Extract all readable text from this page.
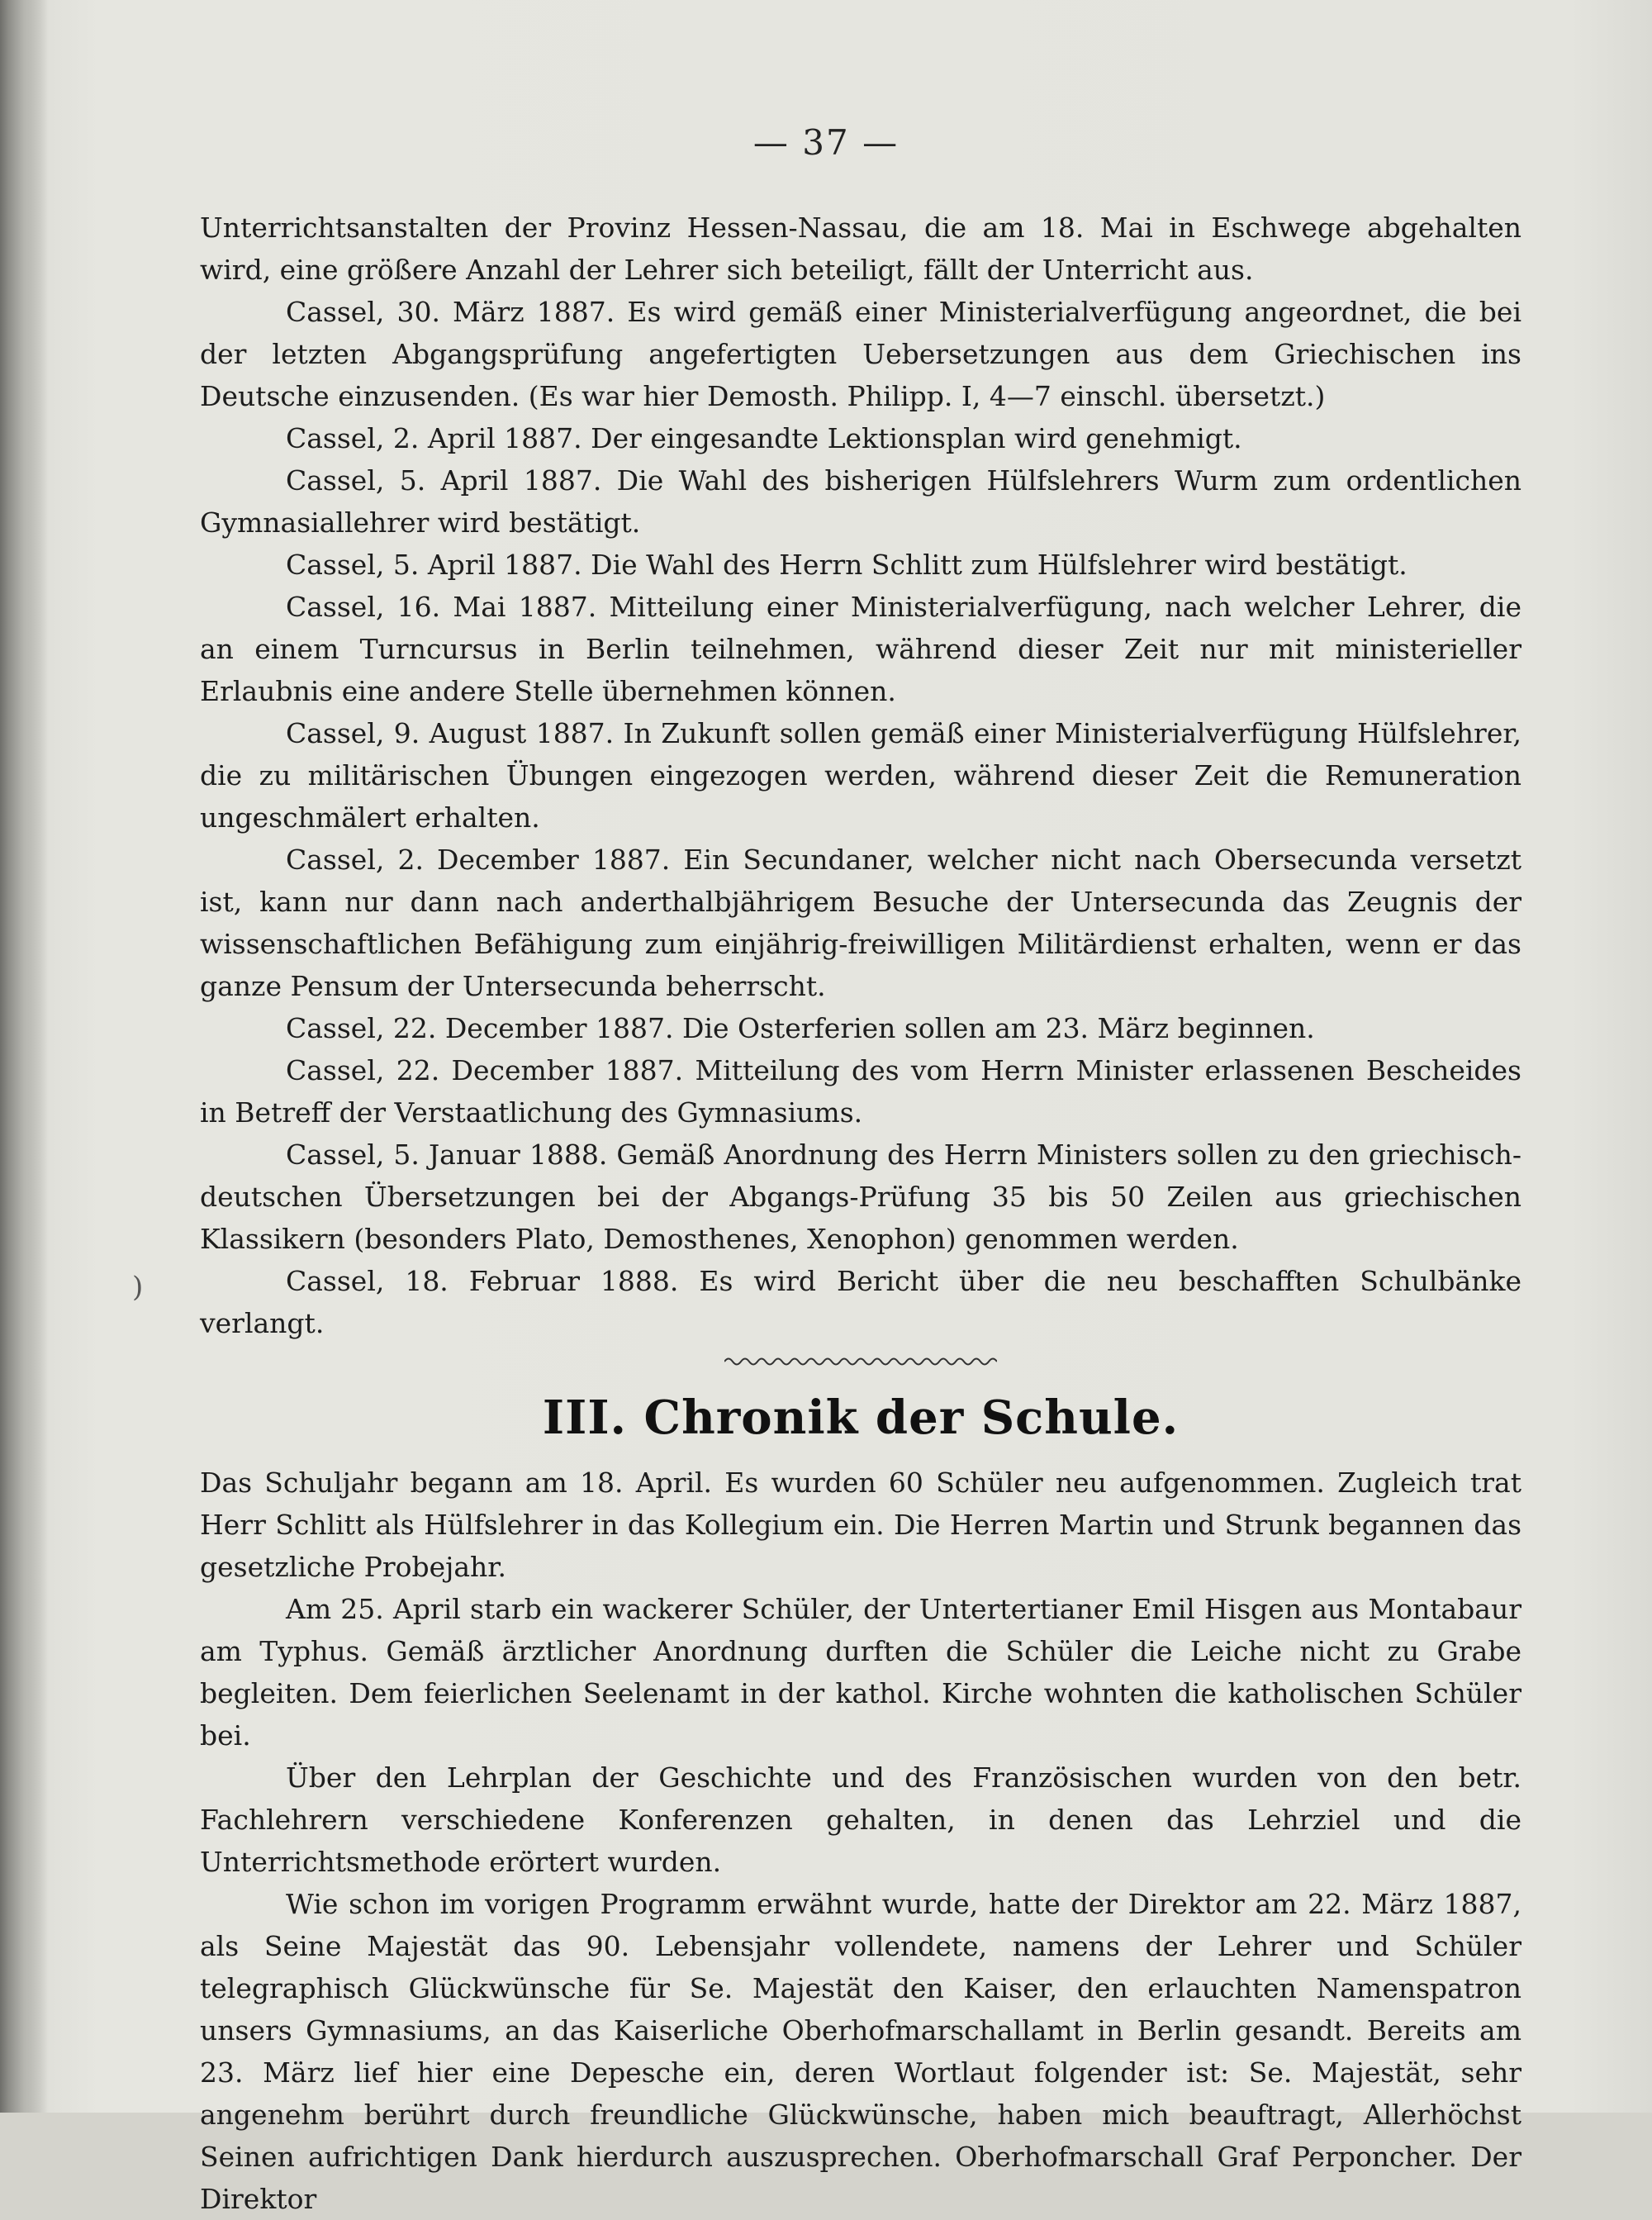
— 37 —
)

Unterrichtsanstalten der Provinz Hessen-Nassau, die am 18. Mai in Eschwege abgehalten wird, eine größere Anzahl der Lehrer sich beteiligt, fällt der Unterricht aus.

Cassel, 30. März 1887. Es wird gemäß einer Ministerialverfügung angeordnet, die bei der letzten Abgangsprüfung angefertigten Uebersetzungen aus dem Griechischen ins Deutsche einzusenden. (Es war hier Demosth. Philipp. I, 4—7 einschl. übersetzt.)

Cassel, 2. April 1887. Der eingesandte Lektionsplan wird genehmigt.

Cassel, 5. April 1887. Die Wahl des bisherigen Hülfslehrers Wurm zum ordentlichen Gymnasiallehrer wird bestätigt.

Cassel, 5. April 1887. Die Wahl des Herrn Schlitt zum Hülfslehrer wird bestätigt.

Cassel, 16. Mai 1887. Mitteilung einer Ministerialverfügung, nach welcher Lehrer, die an einem Turncursus in Berlin teilnehmen, während dieser Zeit nur mit ministerieller Erlaubnis eine andere Stelle übernehmen können.

Cassel, 9. August 1887. In Zukunft sollen gemäß einer Ministerialverfügung Hülfslehrer, die zu militärischen Übungen eingezogen werden, während dieser Zeit die Remuneration ungeschmälert erhalten.

Cassel, 2. December 1887. Ein Secundaner, welcher nicht nach Obersecunda versetzt ist, kann nur dann nach anderthalbjährigem Besuche der Untersecunda das Zeugnis der wissenschaftlichen Befähigung zum einjährig-freiwilligen Militärdienst erhalten, wenn er das ganze Pensum der Untersecunda beherrscht.

Cassel, 22. December 1887. Die Osterferien sollen am 23. März beginnen.

Cassel, 22. December 1887. Mitteilung des vom Herrn Minister erlassenen Bescheides in Betreff der Verstaatlichung des Gymnasiums.

Cassel, 5. Januar 1888. Gemäß Anordnung des Herrn Ministers sollen zu den griechisch-deutschen Übersetzungen bei der Abgangs-Prüfung 35 bis 50 Zeilen aus griechischen Klassikern (besonders Plato, Demosthenes, Xenophon) genommen werden.

Cassel, 18. Februar 1888. Es wird Bericht über die neu beschafften Schulbänke verlangt.

III. Chronik der Schule.

Das Schuljahr begann am 18. April. Es wurden 60 Schüler neu aufgenommen. Zugleich trat Herr Schlitt als Hülfslehrer in das Kollegium ein. Die Herren Martin und Strunk begannen das gesetzliche Probejahr.

Am 25. April starb ein wackerer Schüler, der Untertertianer Emil Hisgen aus Montabaur am Typhus. Gemäß ärztlicher Anordnung durften die Schüler die Leiche nicht zu Grabe begleiten. Dem feierlichen Seelenamt in der kathol. Kirche wohnten die katholischen Schüler bei.

Über den Lehrplan der Geschichte und des Französischen wurden von den betr. Fachlehrern verschiedene Konferenzen gehalten, in denen das Lehrziel und die Unterrichtsmethode erörtert wurden.

Wie schon im vorigen Programm erwähnt wurde, hatte der Direktor am 22. März 1887, als Seine Majestät das 90. Lebensjahr vollendete, namens der Lehrer und Schüler telegraphisch Glückwünsche für Se. Majestät den Kaiser, den erlauchten Namenspatron unsers Gymnasiums, an das Kaiserliche Oberhofmarschallamt in Berlin gesandt. Bereits am 23. März lief hier eine Depesche ein, deren Wortlaut folgender ist: Se. Majestät, sehr angenehm berührt durch freundliche Glückwünsche, haben mich beauftragt, Allerhöchst Seinen aufrichtigen Dank hierdurch auszusprechen. Oberhofmarschall Graf Perponcher. Der Direktor
